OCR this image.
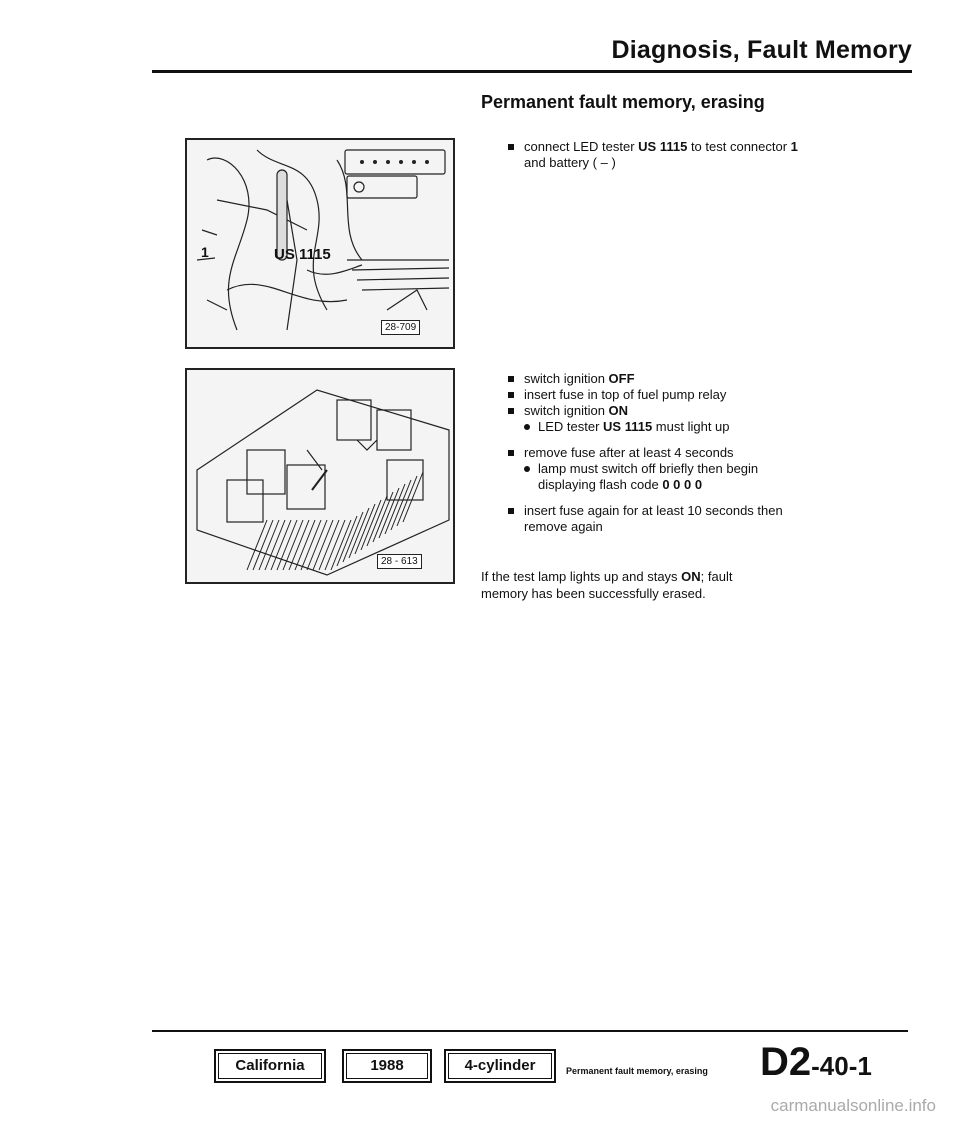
Diagnosis, Fault Memory
Permanent fault memory, erasing
US 1115
1
28-709
28 - 613
connect LED tester US 1115 to test connector 1
and battery ( – )
switch ignition OFF
insert fuse in top of fuel pump relay
switch ignition ON
LED tester US 1115 must light up
remove fuse after at least 4 seconds
lamp must switch off briefly then begin
displaying flash code 0 0 0 0
insert fuse again for at least 10 seconds then
remove again
If the test lamp lights up and stays ON; fault
memory has been successfully erased.
California	1988	4-cylinder	Permanent fault memory, erasing D2-40-1
carmanualsonline.info
